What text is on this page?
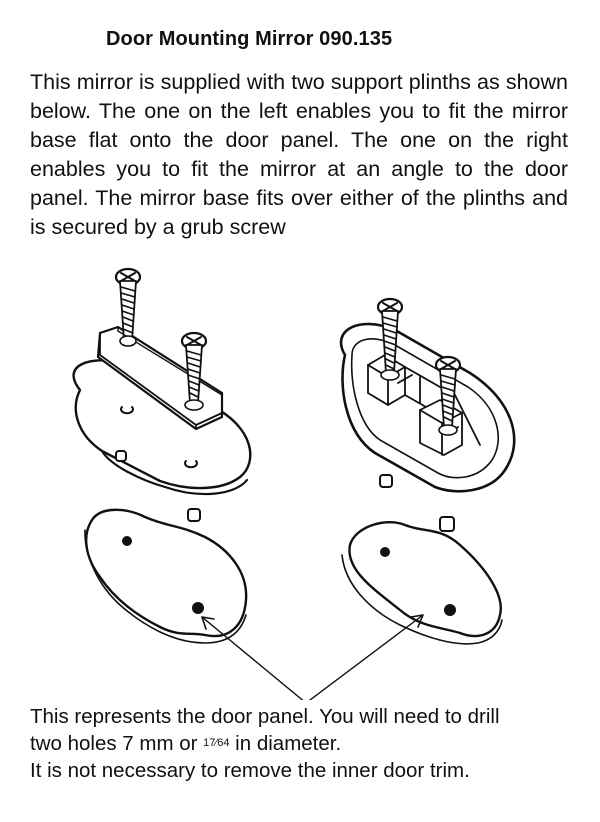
Door Mounting Mirror 090.135
This mirror is supplied with two support plinths as shown below. The one on the left enables you to fit the mirror base flat onto the door panel. The one on the right enables you to fit the mirror at an angle to the door panel. The mirror base fits over either of the plinths and is secured by a grub screw

This represents the door panel. You will need to drill

two holes 7 mm or 17⁄64 in diameter.

It is not necessary to remove the inner door trim.
